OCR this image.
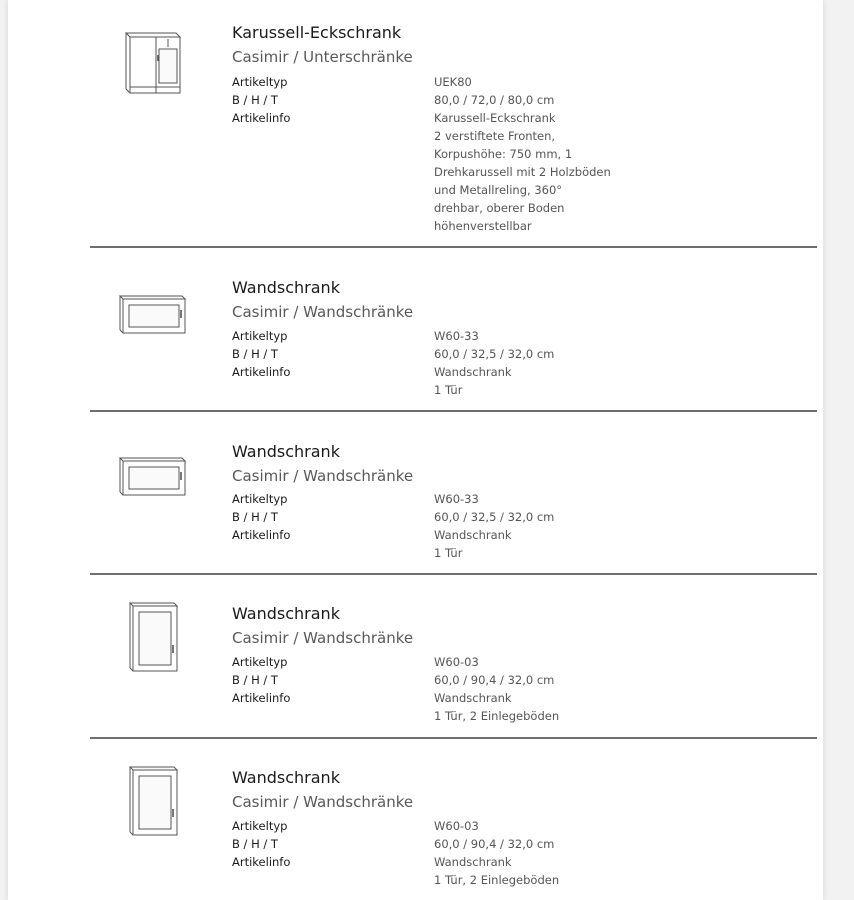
Karussell-Eckschrank
Casimir / Unterschränke
Artikeltyp
B / H / T
Artikelinfo
UEK80
80,0 / 72,0 / 80,0 cm
Karussell-Eckschrank
2 verstiftete Fronten,
Korpushöhe: 750 mm, 1
Drehkarussell mit 2 Holzböden
und Metallreling, 360°
drehbar, oberer Boden
höhenverstellbar
Wandschrank
Casimir / Wandschränke
Artikeltyp
B / H / T
Artikelinfo
W60-33
60,0 / 32,5 / 32,0 cm
Wandschrank
1 Tür
Wandschrank
Casimir / Wandschränke
Artikeltyp
B / H / T
Artikelinfo
W60-33
60,0 / 32,5 / 32,0 cm
Wandschrank
1 Tür
Wandschrank
Casimir / Wandschränke
Artikeltyp
B / H / T
Artikelinfo
W60-03
60,0 / 90,4 / 32,0 cm
Wandschrank
1 Tür, 2 Einlegeböden
Wandschrank
Casimir / Wandschränke
Artikeltyp
B / H / T
Artikelinfo
W60-03
60,0 / 90,4 / 32,0 cm
Wandschrank
1 Tür, 2 Einlegeböden
